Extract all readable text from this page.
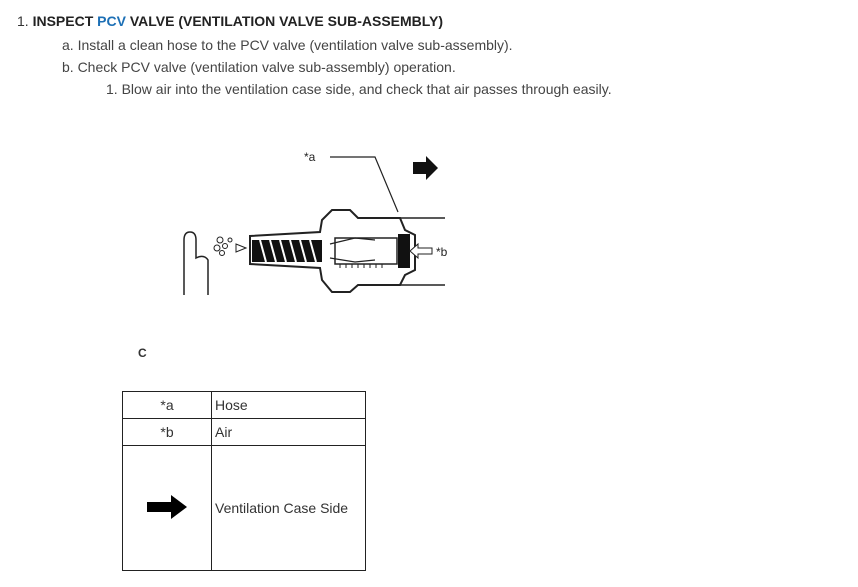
1. INSPECT PCV VALVE (VENTILATION VALVE SUB-ASSEMBLY)
a. Install a clean hose to the PCV valve (ventilation valve sub-assembly).
b. Check PCV valve (ventilation valve sub-assembly) operation.
1. Blow air into the ventilation case side, and check that air passes through easily.
*a
*b
C
*a	Hose
*b	Air
	Ventilation Case Side
